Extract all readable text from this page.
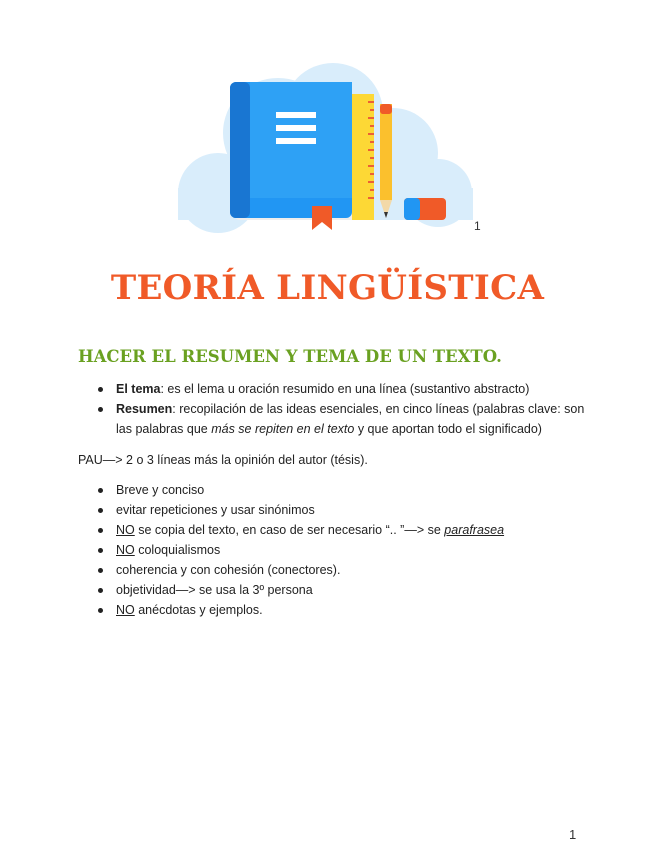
1
TEORÍA LINGÜÍSTICA
HACER EL RESUMEN Y TEMA DE UN TEXTO.
El tema: es el lema u oración resumido en una línea (sustantivo abstracto)
Resumen: recopilación de las ideas esenciales, en cinco líneas (palabras clave: son las palabras que más se repiten en el texto y que aportan todo el significado)
PAU—> 2 o 3 líneas más la opinión del autor (tésis).
Breve y conciso
evitar repeticiones y usar sinónimos
NO se copia del texto, en caso de ser necesario “.. ”—> se parafrasea
NO coloquialismos
coherencia y con cohesión (conectores).
objetividad—> se usa la 3º persona
NO anécdotas y ejemplos.
1
